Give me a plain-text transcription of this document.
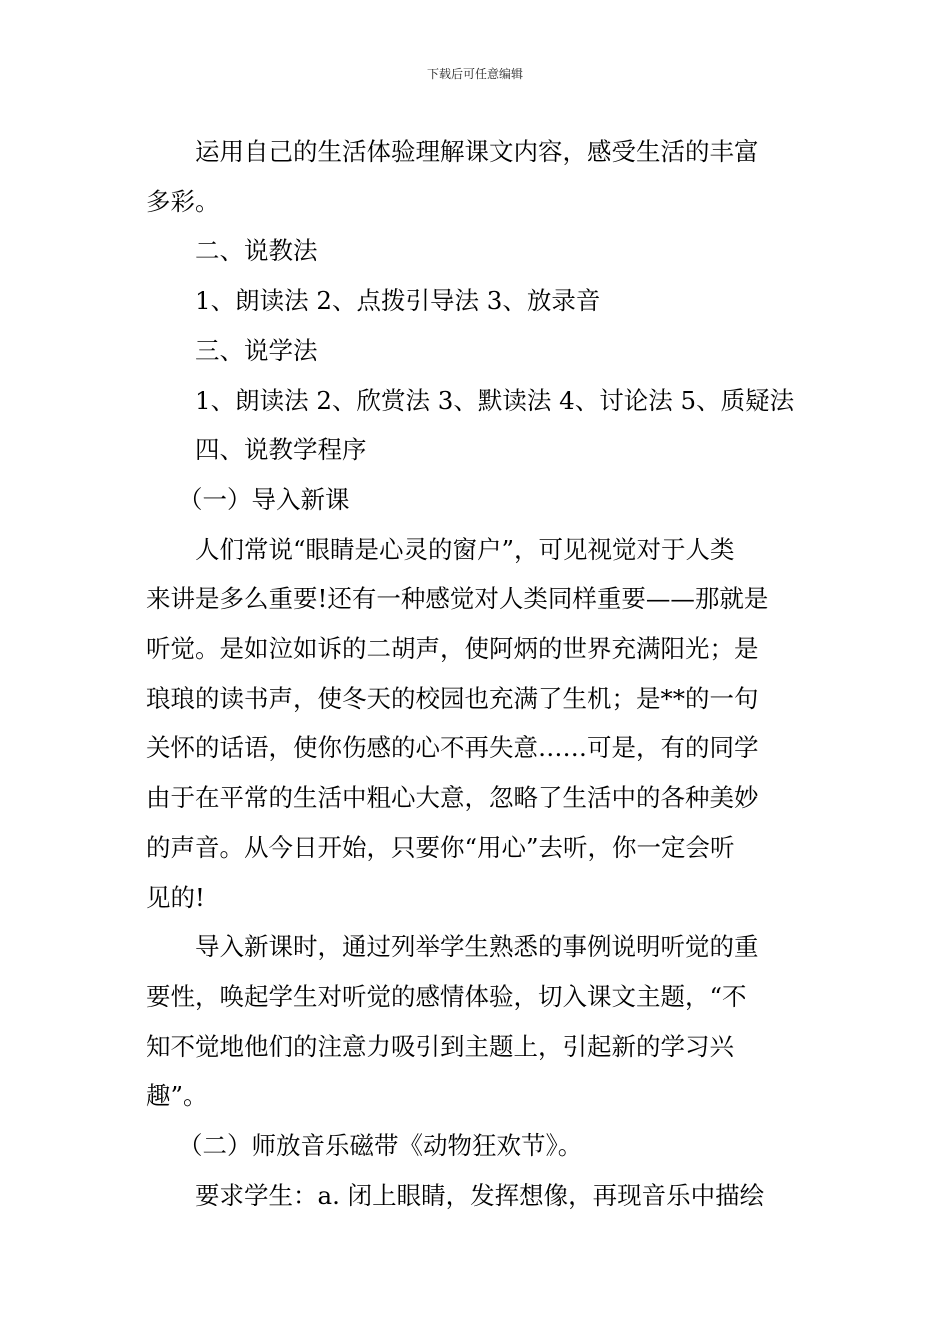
下载后可任意编辑

运用自己的生活体验理解课文内容，感受生活的丰富

多彩。

二、说教法

1、朗读法 2、点拨引导法 3、放录音

三、说学法

1、朗读法 2、欣赏法 3、默读法 4、讨论法 5、质疑法

四、说教学程序

（一）导入新课

人们常说“眼睛是心灵的窗户”，可见视觉对于人类

来讲是多么重要!还有一种感觉对人类同样重要——那就是

听觉。是如泣如诉的二胡声，使阿炳的世界充满阳光；是

琅琅的读书声，使冬天的校园也充满了生机；是**的一句

关怀的话语，使你伤感的心不再失意……可是，有的同学

由于在平常的生活中粗心大意，忽略了生活中的各种美妙

的声音。从今日开始，只要你“用心”去听，你一定会听

见的!

导入新课时，通过列举学生熟悉的事例说明听觉的重

要性，唤起学生对听觉的感情体验，切入课文主题，“不

知不觉地他们的注意力吸引到主题上，引起新的学习兴

趣”。

（二）师放音乐磁带《动物狂欢节》。

要求学生：a. 闭上眼睛，发挥想像，再现音乐中描绘
